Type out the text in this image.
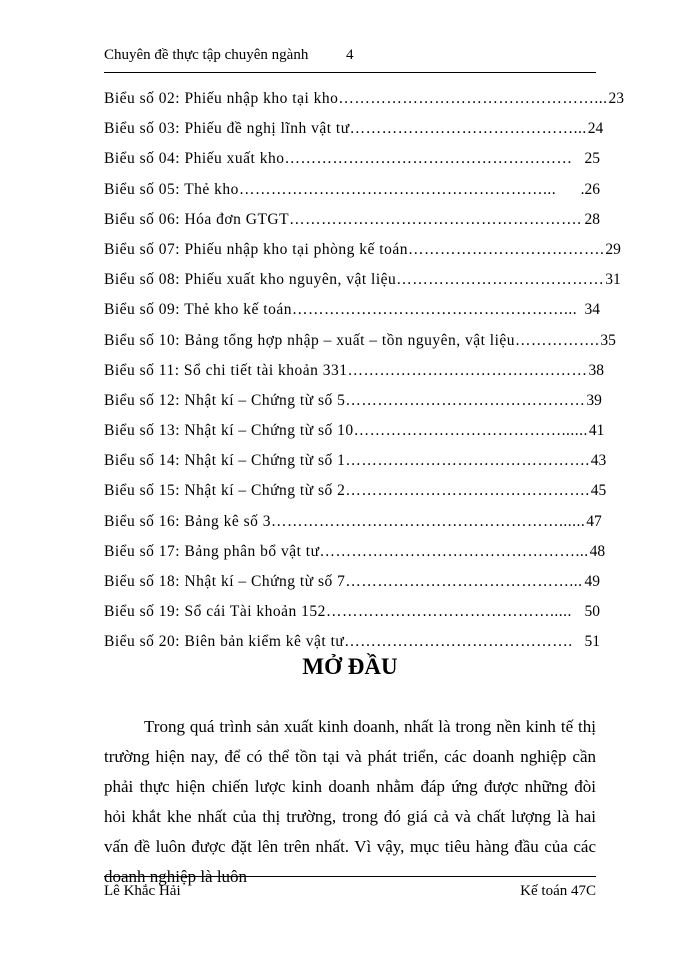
Chuyên đề thực tập chuyên ngành	4
Biểu số 02: Phiếu nhập kho tại kho…………………………………………... 23
Biểu số 03: Phiếu đề nghị lĩnh vật tư……………………………………... 24
Biểu số 04: Phiếu xuất kho……………………………………………… 25
Biểu số 05: Thẻ kho…………………………………………………...	.26
Biểu số 06: Hóa đơn GTGT………………………………………………. 28
Biểu số 07: Phiếu nhập kho tại phòng kế toán………………………………. 29
Biểu số 08: Phiếu xuất kho nguyên, vật liệu………………………………… 31
Biểu số 09: Thẻ kho kế toán……………………………………………... 34
Biểu số 10: Bảng tổng hợp nhập – xuất – tồn nguyên, vật liệu……………. 35
Biểu số 11: Sổ chi tiết tài khoản 331……………………………………… 38
Biểu số 12: Nhật kí – Chứng từ số 5……………………………………… 39
Biểu số 13: Nhật kí – Chứng từ số 10…………………………………...... 41
Biểu số 14: Nhật kí – Chứng từ số 1………………………………………. 43
Biểu số 15: Nhật kí – Chứng từ số 2………………………………………. 45
Biểu số 16: Bảng kê số 3………………………………………………...... 47
Biểu số 17: Bảng phân bổ vật tư…………………………………………... 48
Biểu số 18: Nhật kí – Chứng từ số 7……………………………………... 49
Biểu số 19: Sổ cái Tài khoản 152……………………………………..... 50
Biểu số 20: Biên bản kiểm kê vật tư……………………………………. 51
MỞ ĐẦU

Trong quá trình sản xuất kinh doanh, nhất là trong nền kinh tế thị trường hiện nay, để có thể tồn tại và phát triển, các doanh nghiệp cần phải thực hiện chiến lược kinh doanh nhằm đáp ứng được những đòi hỏi khắt khe nhất của thị trường, trong đó giá cả và chất lượng là hai vấn đề luôn được đặt lên trên nhất. Vì vậy, mục tiêu hàng đầu của các doanh nghiệp là luôn

Lê Khắc Hải	Kế toán 47C
